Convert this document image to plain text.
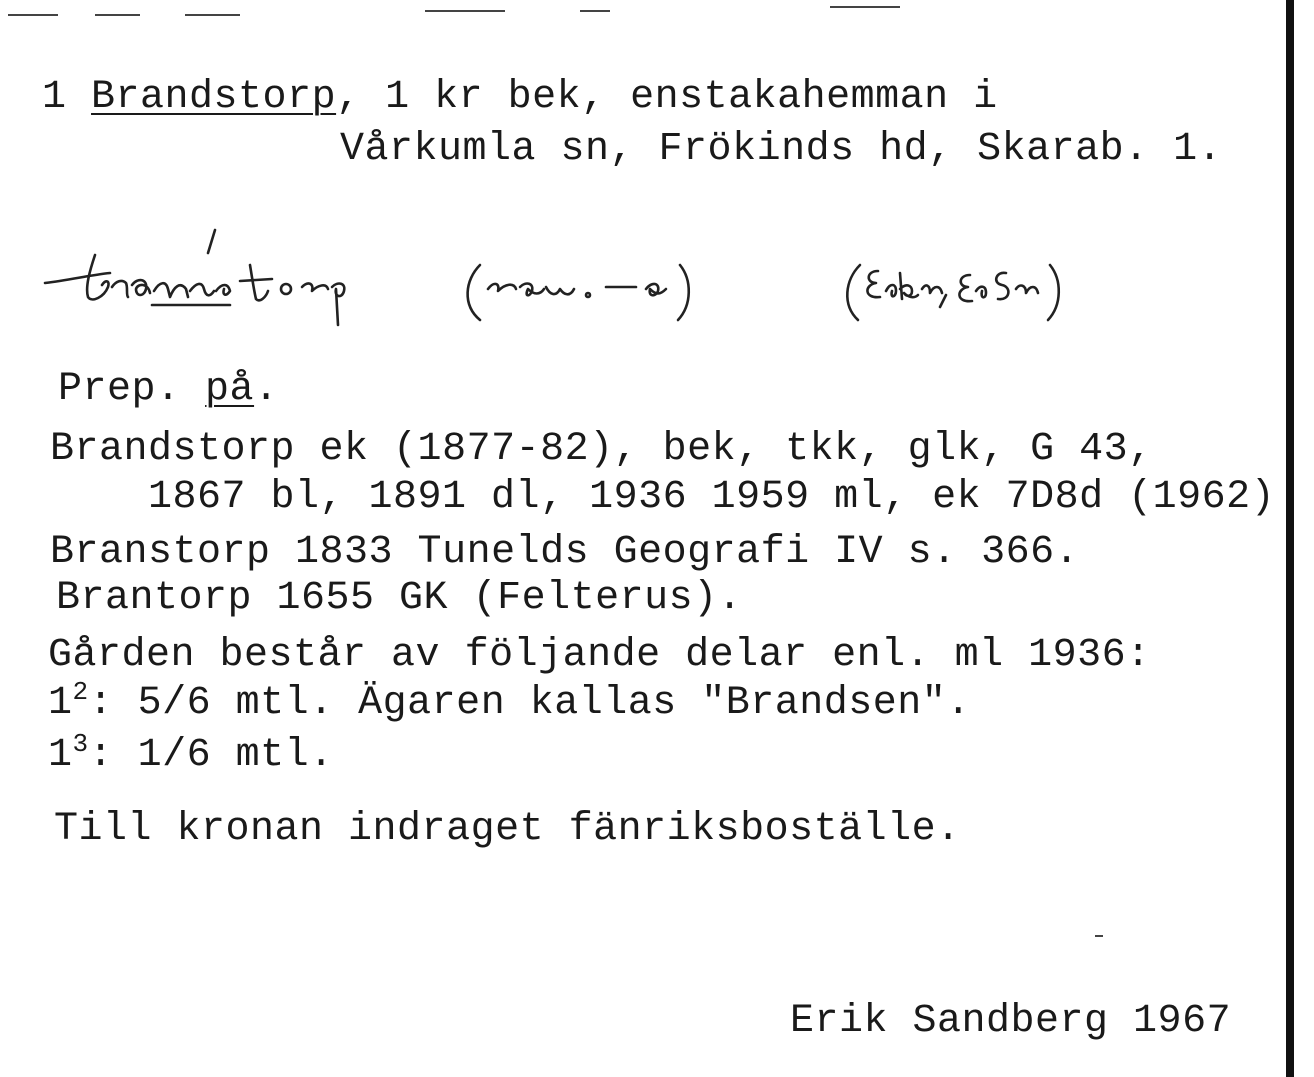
1 Brandstorp, 1 kr bek, enstakahemman i
Vårkumla sn, Frökinds hd, Skarab. 1.
Prep. på.
Brandstorp ek (1877-82), bek, tkk, glk, G 43,
1867 bl, 1891 dl, 1936 1959 ml, ek 7D8d (1962)
Branstorp 1833 Tunelds Geografi IV s. 366.
Brantorp 1655 GK (Felterus).
Gården består av följande delar enl. ml 1936:
$1^2$: 5/6 mtl. Ägaren kallas "Brandsen".
$1^3$: 1/6 mtl.
Till kronan indraget fänriksboställe.
Erik Sandberg 1967
